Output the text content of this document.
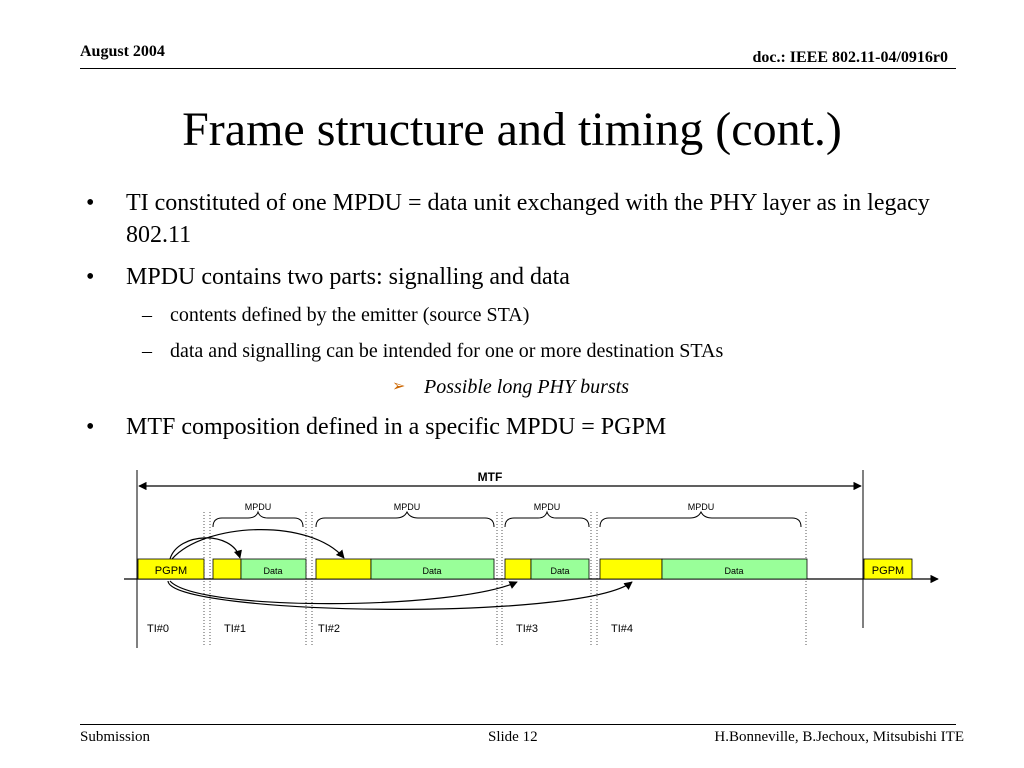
August 2004	doc.: IEEE 802.11-04/0916r0
Frame structure and timing (cont.)
• TI constituted of one MPDU = data unit exchanged with the PHY layer as in legacy 802.11
• MPDU contains two parts: signalling and data
– contents defined by the emitter (source STA)
– data and signalling can be intended for one or more destination STAs
➢ Possible long PHY bursts
• MTF composition defined in a specific MPDU = PGPM
MTF
MPDU	MPDU	MPDU	MPDU
PGPM	Data	Data	Data	Data	PGPM
TI#0	TI#1	TI#2	TI#3	TI#4
Submission	Slide 12	H.Bonneville, B.Jechoux, Mitsubishi ITE
